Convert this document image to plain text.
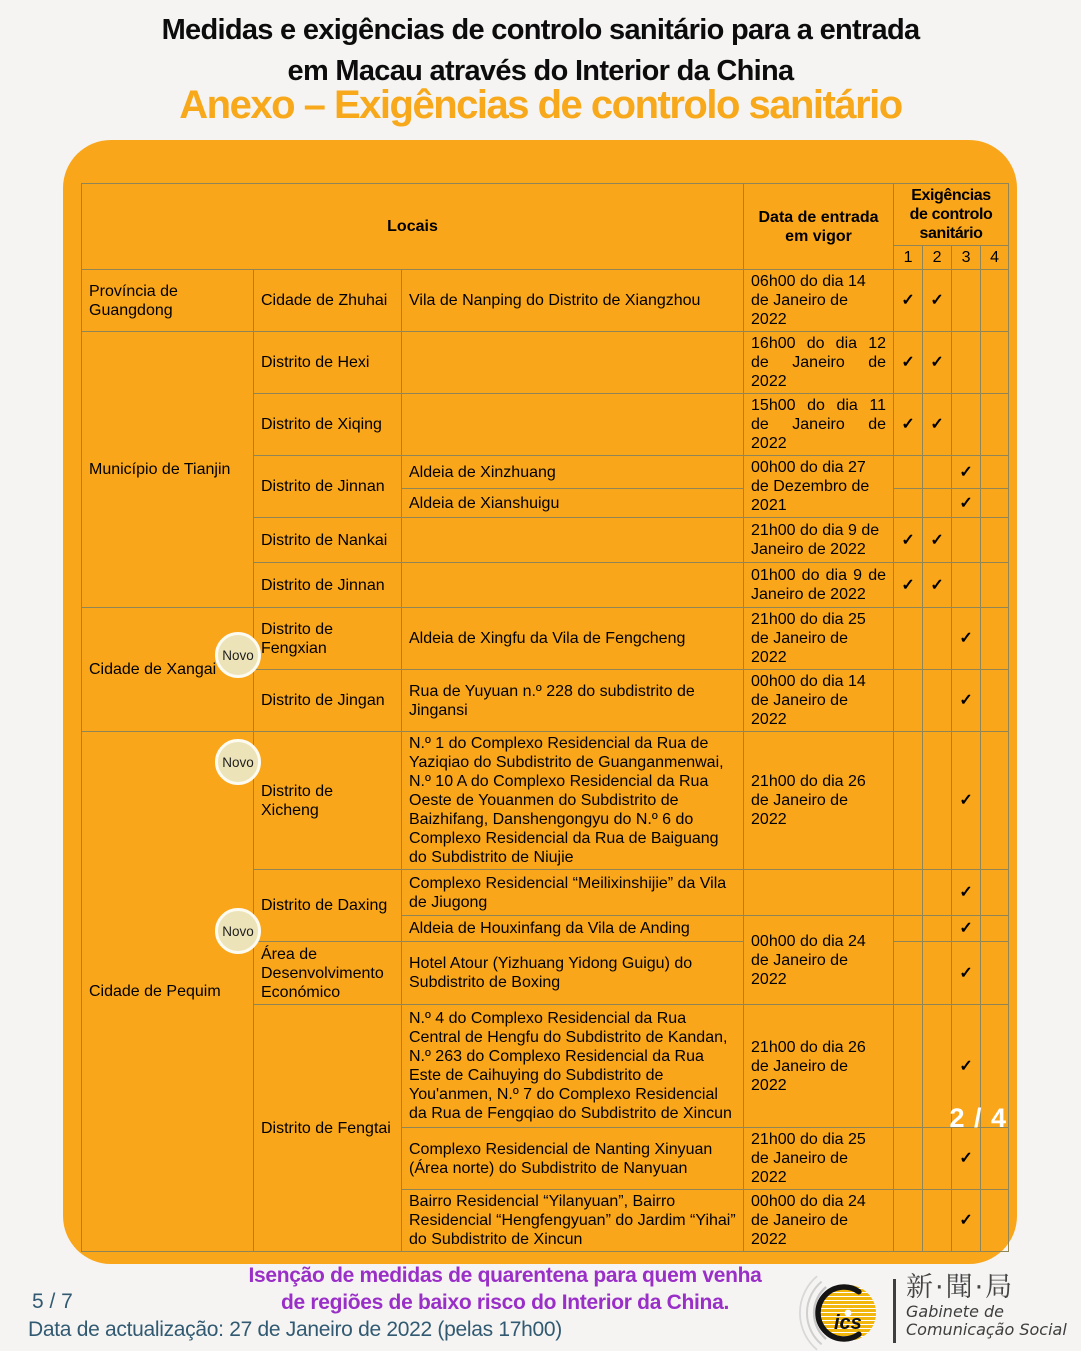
Medidas e exigências de controlo sanitário para a entrada
em Macau através do Interior da China
Anexo – Exigências de controlo sanitário
Locais			Data de entrada em vigor	Exigências de controlo sanitário			
				1	2	3	4
Província de Guangdong	Cidade de Zhuhai	Vila de Nanping do Distrito de Xiangzhou	06h00 do dia 14 de Janeiro de 2022	✓	✓		
Município de Tianjin	Distrito de Hexi		16h00 do dia 12 de Janeiro de 2022	✓	✓		
	Distrito de Xiqing		15h00 do dia 11 de Janeiro de 2022	✓	✓		
	Distrito de Jinnan	Aldeia de Xinzhuang	00h00 do dia 27 de Dezembro de 2021			✓	
		Aldeia de Xianshuigu				✓	
	Distrito de Nankai		21h00 do dia 9 de Janeiro de 2022	✓	✓		
	Distrito de Jinnan		01h00 do dia 9 de Janeiro de 2022	✓	✓		
Cidade de Xangai	Distrito de Fengxian	Aldeia de Xingfu da Vila de Fengcheng	21h00 do dia 25 de Janeiro de 2022			✓	
	Distrito de Jingan	Rua de Yuyuan n.º 228 do subdistrito de Jingansi	00h00 do dia 14 de Janeiro de 2022			✓	
Cidade de Pequim	Distrito de Xicheng	N.º 1 do Complexo Residencial da Rua de Yaziqiao do Subdistrito de Guanganmenwai, N.º 10 A do Complexo Residencial da Rua Oeste de Youanmen do Subdistrito de Baizhifang, Danshengongyu do N.º 6 do Complexo Residencial da Rua de Baiguang do Subdistrito de Niujie	21h00 do dia 26 de Janeiro de 2022			✓	
	Distrito de Daxing	Complexo Residencial “Meilixinshijie” da Vila de Jiugong				✓	
		Aldeia de Houxinfang da Vila de Anding	00h00 do dia 24 de Janeiro de 2022			✓	
	Área de Desenvolvimento Económico	Hotel Atour (Yizhuang Yidong Guigu) do Subdistrito de Boxing				✓	
	Distrito de Fengtai	N.º 4 do Complexo Residencial da Rua Central de Hengfu do Subdistrito de Kandan, N.º 263 do Complexo Residencial da Rua Este de Caihuying do Subdistrito de You'anmen, N.º 7 do Complexo Residencial da Rua de Fengqiao do Subdistrito de Xincun	21h00 do dia 26 de Janeiro de 2022			✓	
		Complexo Residencial de Nanting Xinyuan (Área norte) do Subdistrito de Nanyuan	21h00 do dia 25 de Janeiro de 2022			✓	
		Bairro Residencial “Yilanyuan”, Bairro Residencial “Hengfengyuan” do Jardim “Yihai” do Subdistrito de Xincun	00h00 do dia 24 de Janeiro de 2022			✓	
2 / 4
Novo
Novo
Novo
5 / 7
Isenção de medidas de quarentena para quem venha
de regiões de baixo risco do Interior da China.
Data de actualização: 27 de Janeiro de 2022 (pelas 17h00)	ics
新·聞·局
Gabinete de
Comunicação Social
